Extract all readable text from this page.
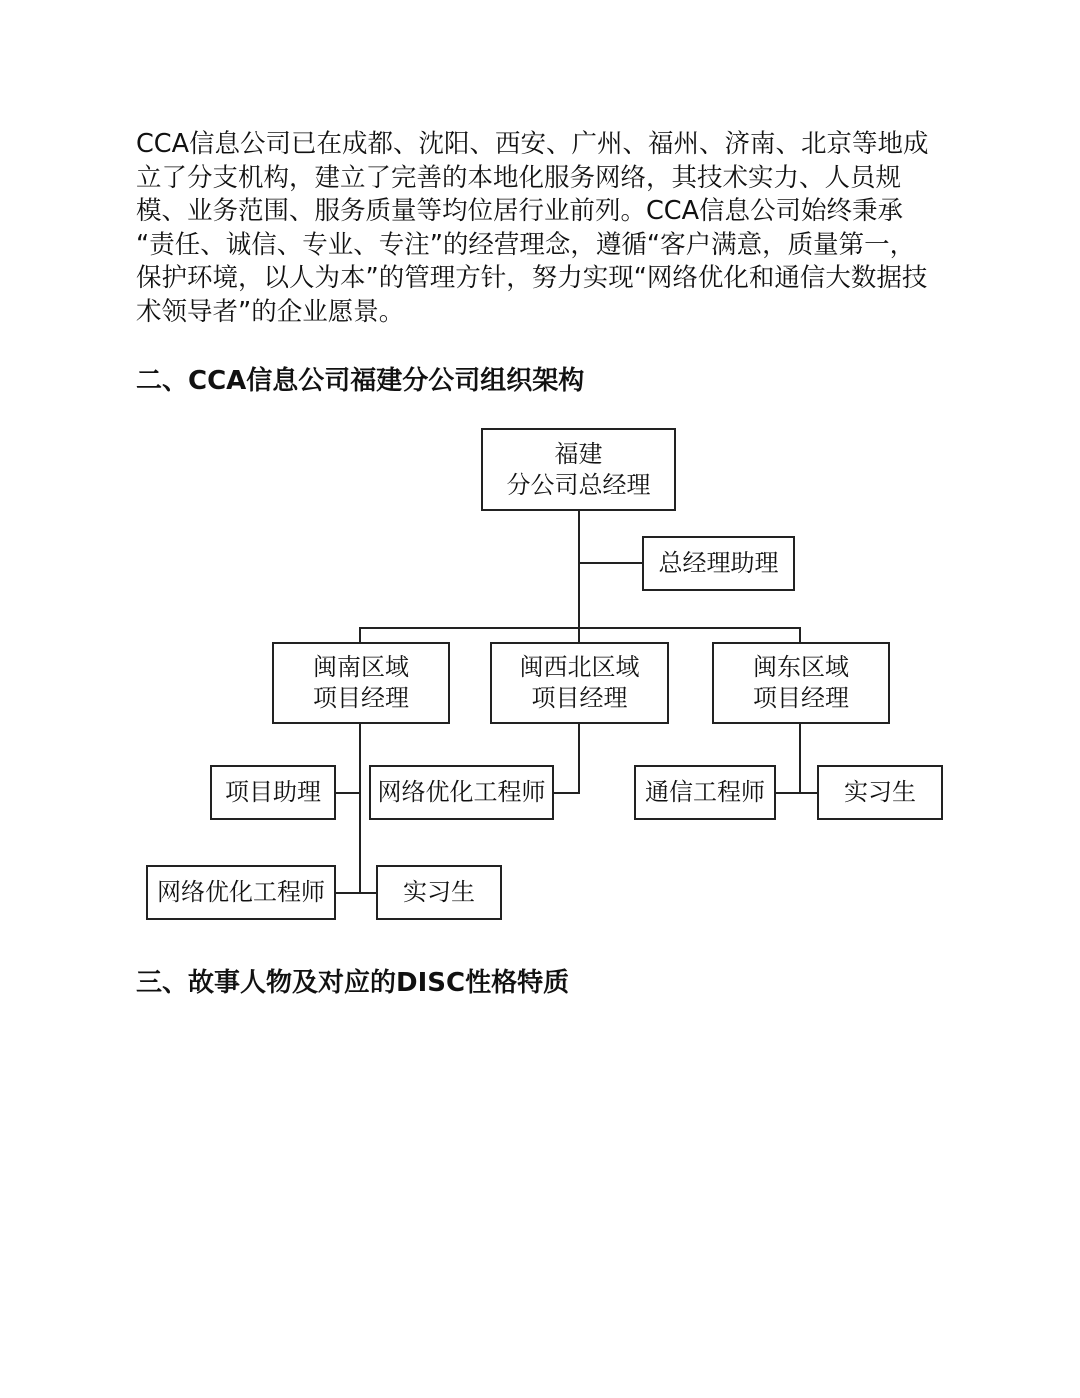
CCA信息公司已在成都、沈阳、西安、广州、福州、济南、北京等地成
立了分支机构，建立了完善的本地化服务网络，其技术实力、人员规
模、业务范围、服务质量等均位居行业前列。CCA信息公司始终秉承
“责任、诚信、专业、专注”的经营理念，遵循“客户满意，质量第一，
保护环境，以人为本”的管理方针，努力实现“网络优化和通信大数据技
术领导者”的企业愿景。

二、CCA信息公司福建分公司组织架构
福建
分公司总经理
总经理助理
闽南区域
项目经理
闽西北区域
项目经理
闽东区域
项目经理
项目助理 网络优化工程师	通信工程师	实习生
网络优化工程师	实习生
三、故事人物及对应的DISC性格特质
